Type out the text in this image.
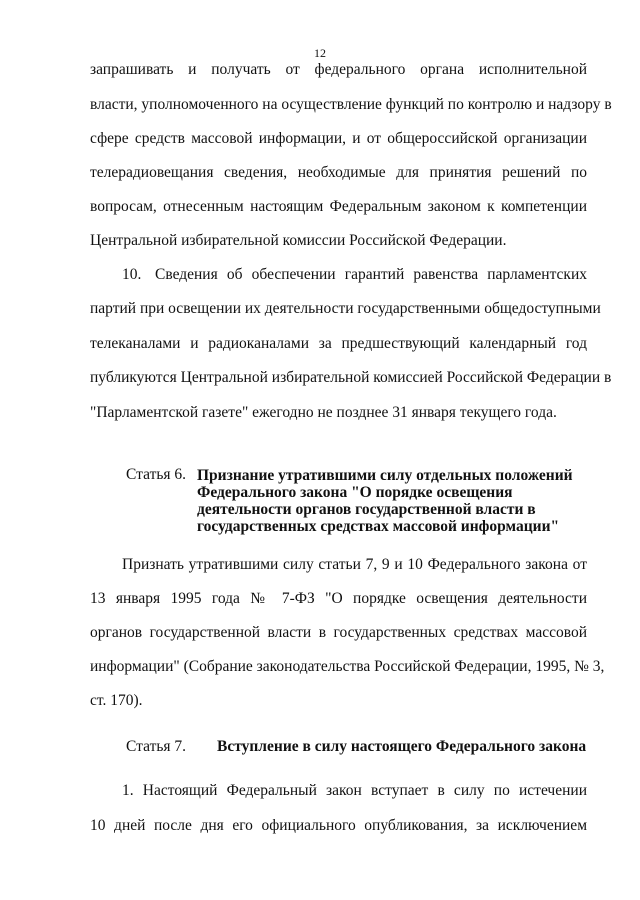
12
запрашивать и получать от федерального органа исполнительной
власти, уполномоченного на осуществление функций по контролю и надзору в
сфере средств массовой информации, и от общероссийской организации
телерадиовещания сведения, необходимые для принятия решений по
вопросам, отнесенным настоящим Федеральным законом к компетенции
Центральной избирательной комиссии Российской Федерации.
10. Сведения об обеспечении гарантий равенства парламентских
партий при освещении их деятельности государственными общедоступными
телеканалами и радиоканалами за предшествующий календарный год
публикуются Центральной избирательной комиссией Российской Федерации в
"Парламентской газете" ежегодно не позднее 31 января текущего года.
Статья 6. Признание утратившими силу отдельных положений
Федерального закона "О порядке освещения
деятельности органов государственной власти в
государственных средствах массовой информации"
Признать утратившими силу статьи 7, 9 и 10 Федерального закона от
13 января 1995 года № 7-ФЗ "О порядке освещения деятельности
органов государственной власти в государственных средствах массовой
информации" (Собрание законодательства Российской Федерации, 1995, № 3,
ст. 170).
Статья 7. Вступление в силу настоящего Федерального закона
1. Настоящий Федеральный закон вступает в силу по истечении
10 дней после дня его официального опубликования, за исключением
